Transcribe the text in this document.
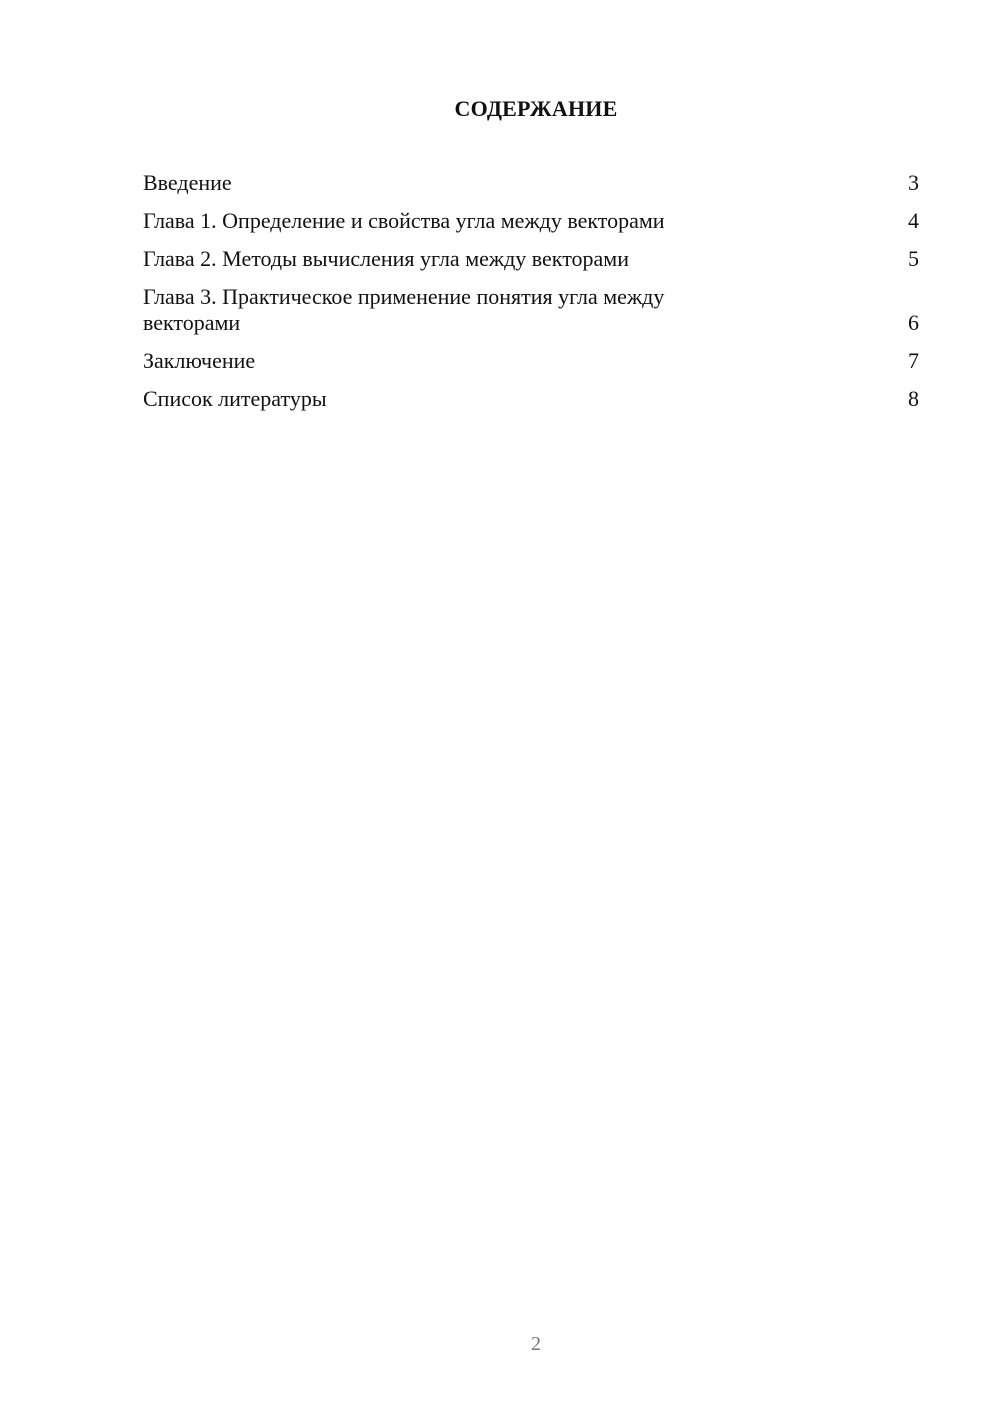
СОДЕРЖАНИЕ
Введение	3
Глава 1. Определение и свойства угла между векторами	4
Глава 2. Методы вычисления угла между векторами	5
Глава 3. Практическое применение понятия угла между векторами	6
Заключение	7
Список литературы	8
2
